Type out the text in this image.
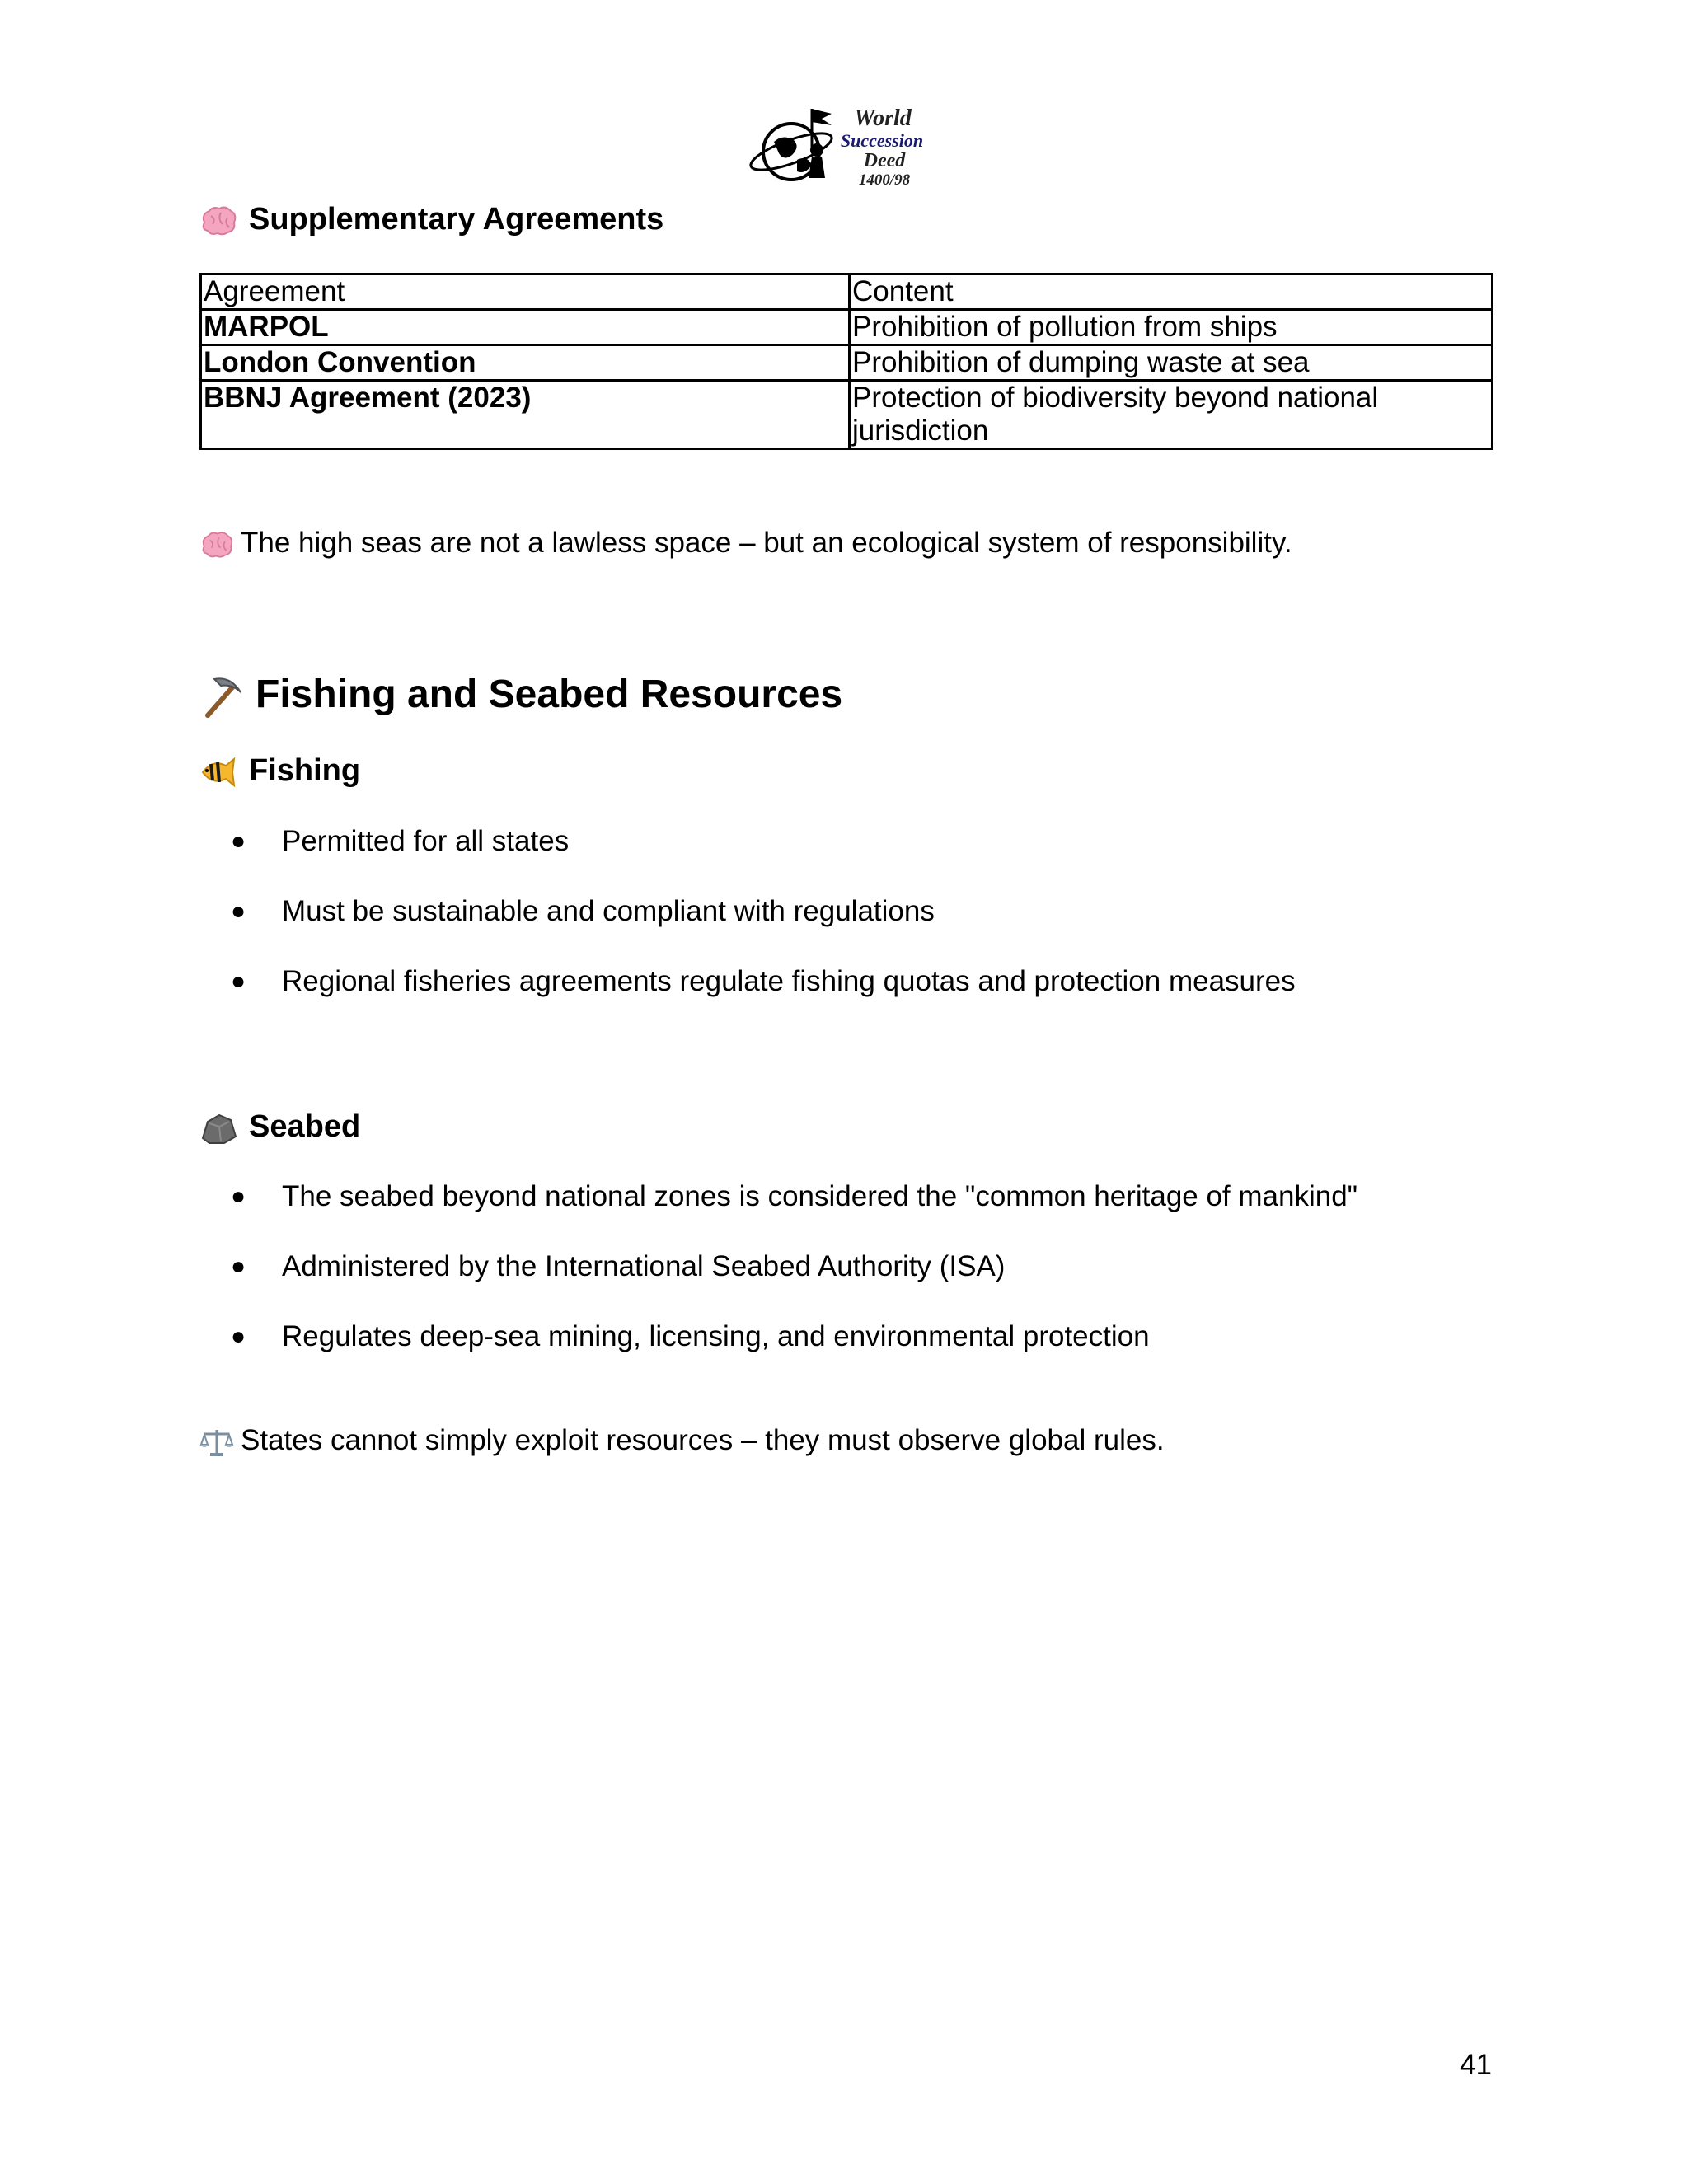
World
Succession
Deed
1400/98
Supplementary Agreements
Agreement	Content
MARPOL	Prohibition of pollution from ships
London Convention	Prohibition of dumping waste at sea
BBNJ Agreement (2023)	Protection of biodiversity beyond national jurisdiction
The high seas are not a lawless space – but an ecological system of responsibility.
Fishing and Seabed Resources
Fishing
● Permitted for all states
● Must be sustainable and compliant with regulations
● Regional fisheries agreements regulate fishing quotas and protection measures
Seabed
● The seabed beyond national zones is considered the "common heritage of mankind"
● Administered by the International Seabed Authority (ISA)
● Regulates deep-sea mining, licensing, and environmental protection
States cannot simply exploit resources – they must observe global rules.
41
